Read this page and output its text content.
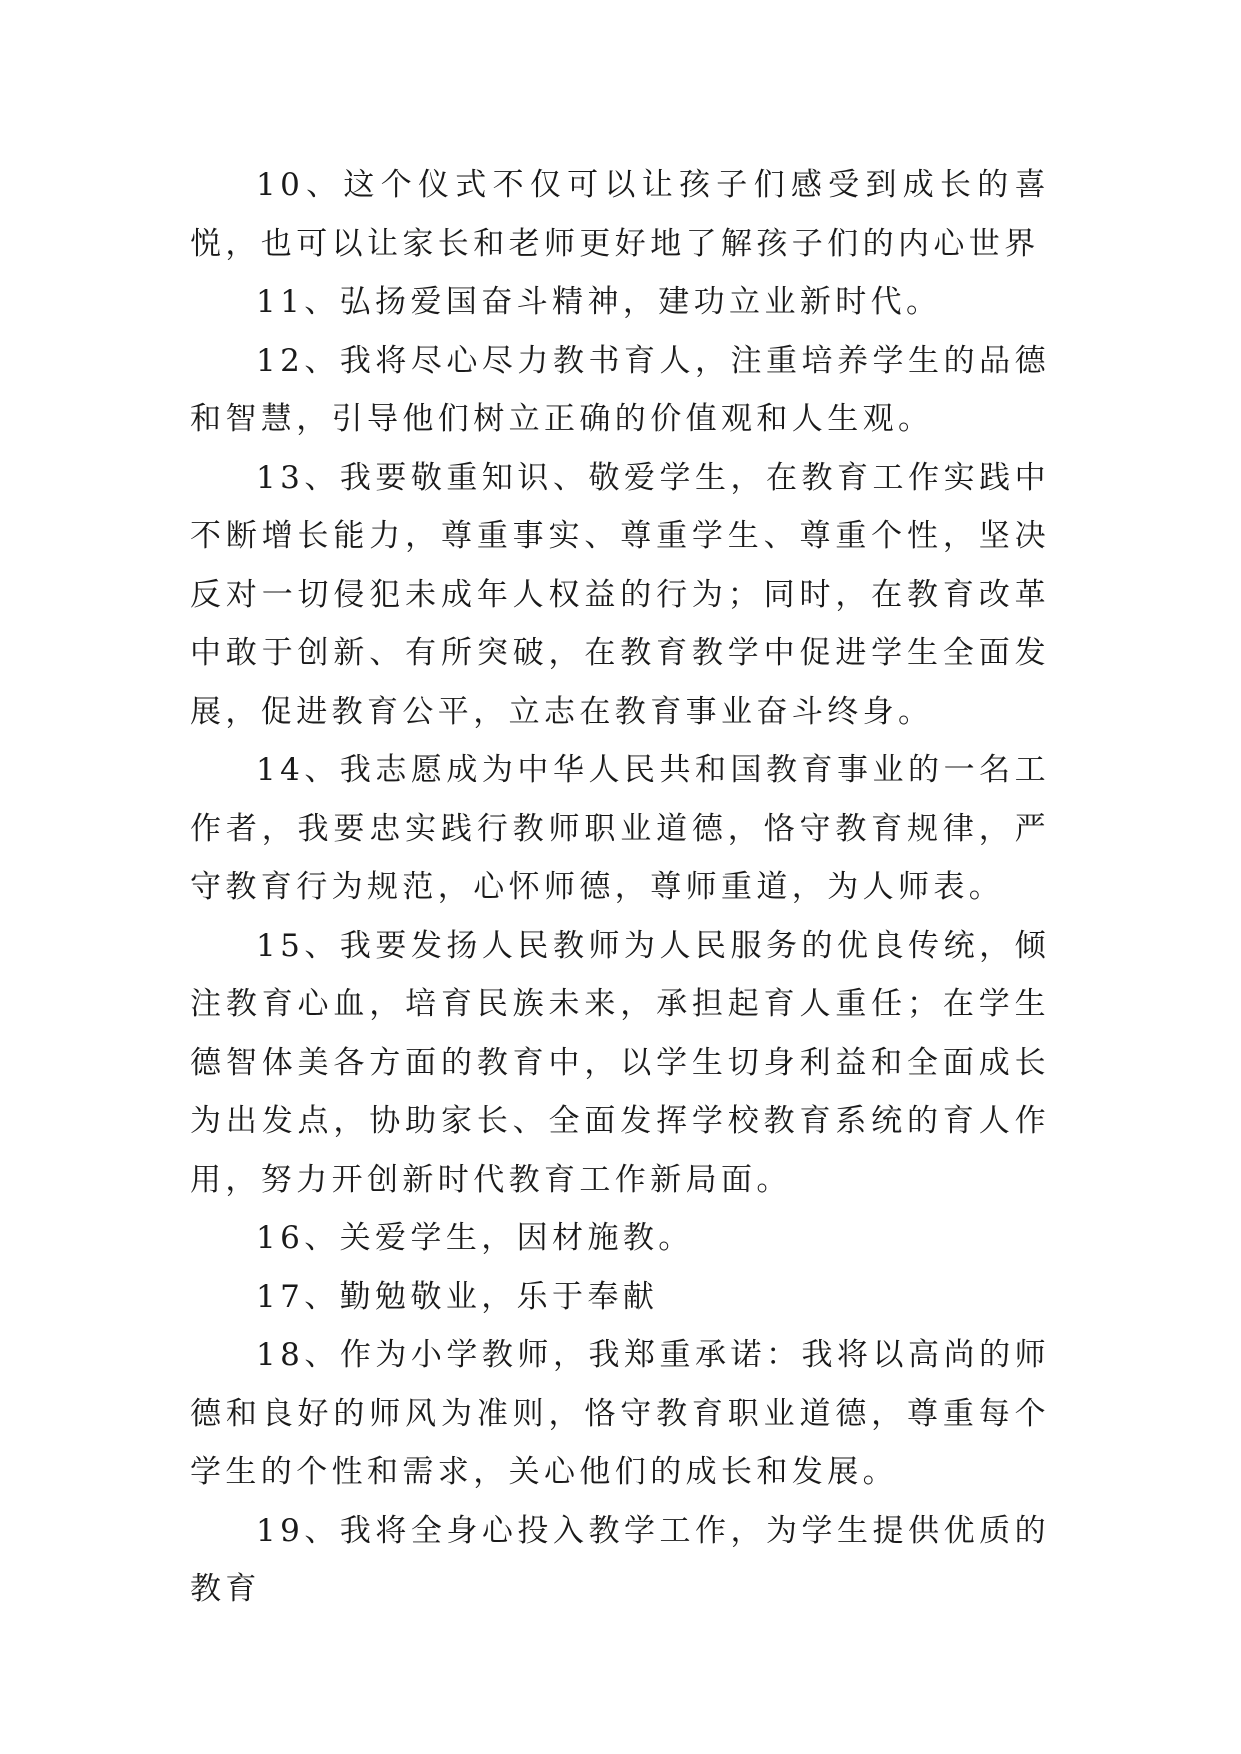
10、这个仪式不仅可以让孩子们感受到成长的喜悦，也可以让家长和老师更好地了解孩子们的内心世界

11、弘扬爱国奋斗精神，建功立业新时代。

12、我将尽心尽力教书育人，注重培养学生的品德和智慧，引导他们树立正确的价值观和人生观。

13、我要敬重知识、敬爱学生，在教育工作实践中不断增长能力，尊重事实、尊重学生、尊重个性，坚决反对一切侵犯未成年人权益的行为；同时，在教育改革中敢于创新、有所突破，在教育教学中促进学生全面发展，促进教育公平，立志在教育事业奋斗终身。

14、我志愿成为中华人民共和国教育事业的一名工作者，我要忠实践行教师职业道德，恪守教育规律，严守教育行为规范，心怀师德，尊师重道，为人师表。

15、我要发扬人民教师为人民服务的优良传统，倾注教育心血，培育民族未来，承担起育人重任；在学生德智体美各方面的教育中，以学生切身利益和全面成长为出发点，协助家长、全面发挥学校教育系统的育人作用，努力开创新时代教育工作新局面。

16、关爱学生，因材施教。

17、勤勉敬业，乐于奉献

18、作为小学教师，我郑重承诺：我将以高尚的师德和良好的师风为准则，恪守教育职业道德，尊重每个学生的个性和需求，关心他们的成长和发展。

19、我将全身心投入教学工作，为学生提供优质的教育
